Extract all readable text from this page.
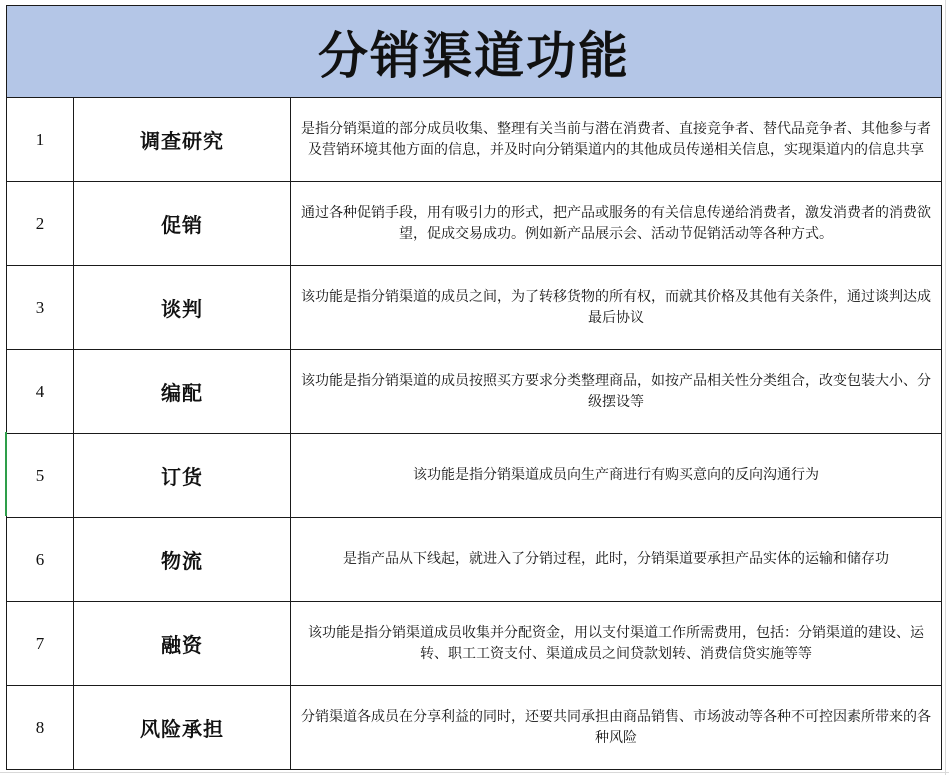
分销渠道功能		
1	调查研究	是指分销渠道的部分成员收集、整理有关当前与潜在消费者、直接竞争者、替代品竞争者、其他参与者及营销环境其他方面的信息，并及时向分销渠道内的其他成员传递相关信息，实现渠道内的信息共享
2	促销	通过各种促销手段，用有吸引力的形式，把产品或服务的有关信息传递给消费者，激发消费者的消费欲望，促成交易成功。例如新产品展示会、活动节促销活动等各种方式。
3	谈判	该功能是指分销渠道的成员之间，为了转移货物的所有权，而就其价格及其他有关条件，通过谈判达成最后协议
4	编配	该功能是指分销渠道的成员按照买方要求分类整理商品，如按产品相关性分类组合，改变包装大小、分级摆设等
5	订货	该功能是指分销渠道成员向生产商进行有购买意向的反向沟通行为
6	物流	是指产品从下线起，就进入了分销过程，此时，分销渠道要承担产品实体的运输和储存功
7	融资	该功能是指分销渠道成员收集并分配资金，用以支付渠道工作所需费用，包括：分销渠道的建设、运转、职工工资支付、渠道成员之间贷款划转、消费信贷实施等等
8	风险承担	分销渠道各成员在分享利益的同时，还要共同承担由商品销售、市场波动等各种不可控因素所带来的各种风险
